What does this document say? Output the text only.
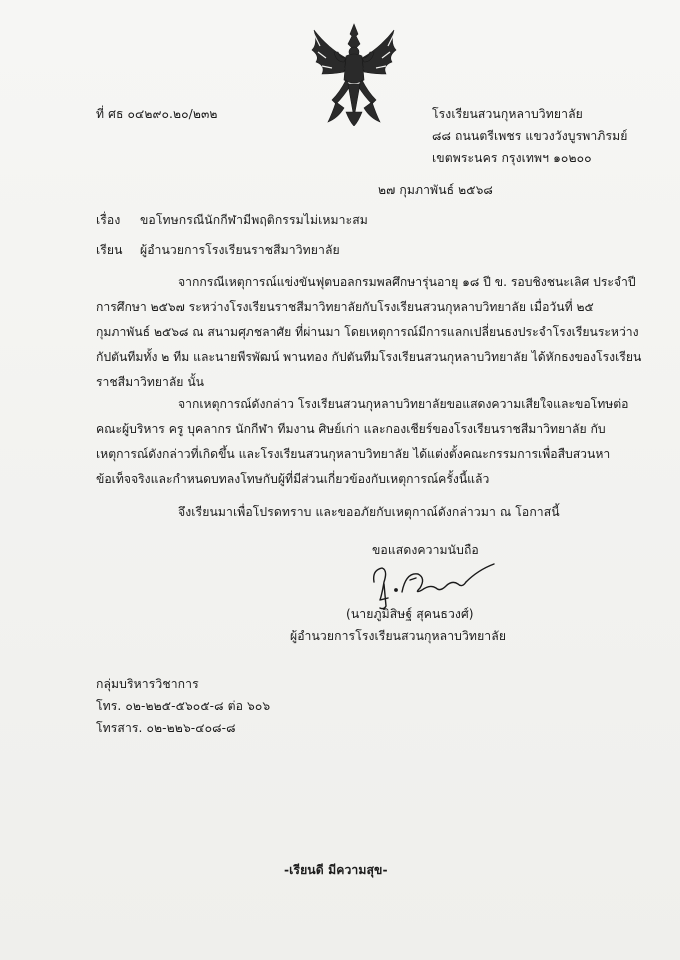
ที่ ศธ ๐๔๒๙๐.๒๐/๒๓๒	โรงเรียนสวนกุหลาบวิทยาลัย
๘๘ ถนนตรีเพชร แขวงวังบูรพาภิรมย์
เขตพระนคร กรุงเทพฯ ๑๐๒๐๐
๒๗ กุมภาพันธ์ ๒๕๖๘
เรื่อง ขอโทษกรณีนักกีฬามีพฤติกรรมไม่เหมาะสม
เรียน ผู้อำนวยการโรงเรียนราชสีมาวิทยาลัย
จากกรณีเหตุการณ์แข่งขันฟุตบอลกรมพลศึกษารุ่นอายุ ๑๘ ปี ข. รอบชิงชนะเลิศ ประจำปี
การศึกษา ๒๕๖๗ ระหว่างโรงเรียนราชสีมาวิทยาลัยกับโรงเรียนสวนกุหลาบวิทยาลัย เมื่อวันที่ ๒๕
กุมภาพันธ์ ๒๕๖๘ ณ สนามศุภชลาศัย ที่ผ่านมา โดยเหตุการณ์มีการแลกเปลี่ยนธงประจำโรงเรียนระหว่าง
กัปตันทีมทั้ง ๒ ทีม และนายพีรพัฒน์ พานทอง กัปตันทีมโรงเรียนสวนกุหลาบวิทยาลัย ได้หักธงของโรงเรียน
ราชสีมาวิทยาลัย นั้น
จากเหตุการณ์ดังกล่าว โรงเรียนสวนกุหลาบวิทยาลัยขอแสดงความเสียใจและขอโทษต่อ
คณะผู้บริหาร ครู บุคลากร นักกีฬา ทีมงาน ศิษย์เก่า และกองเชียร์ของโรงเรียนราชสีมาวิทยาลัย กับ
เหตุการณ์ดังกล่าวที่เกิดขึ้น และโรงเรียนสวนกุหลาบวิทยาลัย ได้แต่งตั้งคณะกรรมการเพื่อสืบสวนหา
ข้อเท็จจริงและกำหนดบทลงโทษกับผู้ที่มีส่วนเกี่ยวข้องกับเหตุการณ์ครั้งนี้แล้ว
จึงเรียนมาเพื่อโปรดทราบ และขออภัยกับเหตุกาณ์ดังกล่าวมา ณ โอกาสนี้
ขอแสดงความนับถือ
(นายภูมิสิษฐ์ สุคนธวงศ์)
ผู้อำนวยการโรงเรียนสวนกุหลาบวิทยาลัย
กลุ่มบริหารวิชาการ
โทร. ๐๒-๒๒๕-๕๖๐๕-๘ ต่อ ๖๐๖
โทรสาร. ๐๒-๒๒๖-๔๐๘-๘
-เรียนดี มีความสุข-
